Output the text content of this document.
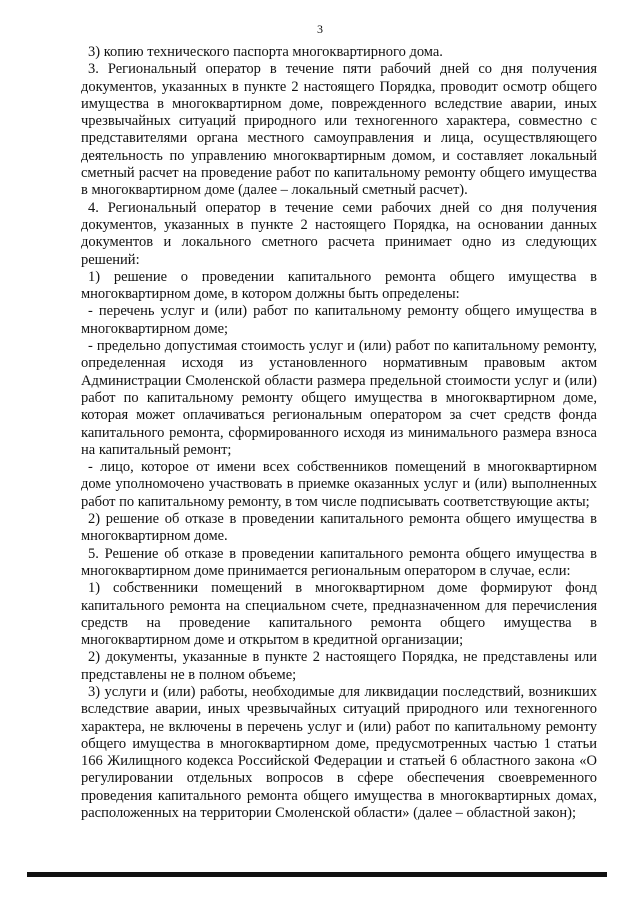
3

3) копию технического паспорта многоквартирного дома.

3. Региональный оператор в течение пяти рабочий дней со дня получения документов, указанных в пункте 2 настоящего Порядка, проводит осмотр общего имущества в многоквартирном доме, поврежденного вследствие аварии, иных чрезвычайных ситуаций природного или техногенного характера, совместно с представителями органа местного самоуправления и лица, осуществляющего деятельность по управлению многоквартирным домом, и составляет локальный сметный расчет на проведение работ по капитальному ремонту общего имущества в многоквартирном доме (далее – локальный сметный расчет).

4. Региональный оператор в течение семи рабочих дней со дня получения документов, указанных в пункте 2 настоящего Порядка, на основании данных документов и локального сметного расчета принимает одно из следующих решений:

1) решение о проведении капитального ремонта общего имущества в многоквартирном доме, в котором должны быть определены:

- перечень услуг и (или) работ по капитальному ремонту общего имущества в многоквартирном доме;

- предельно допустимая стоимость услуг и (или) работ по капитальному ремонту, определенная исходя из установленного нормативным правовым актом Администрации Смоленской области размера предельной стоимости услуг и (или) работ по капитальному ремонту общего имущества в многоквартирном доме, которая может оплачиваться региональным оператором за счет средств фонда капитального ремонта, сформированного исходя из минимального размера взноса на капитальный ремонт;

- лицо, которое от имени всех собственников помещений в многоквартирном доме уполномочено участвовать в приемке оказанных услуг и (или) выполненных работ по капитальному ремонту, в том числе подписывать соответствующие акты;

2) решение об отказе в проведении капитального ремонта общего имущества в многоквартирном доме.

5. Решение об отказе в проведении капитального ремонта общего имущества в многоквартирном доме принимается региональным оператором в случае, если:

1) собственники помещений в многоквартирном доме формируют фонд капитального ремонта на специальном счете, предназначенном для перечисления средств на проведение капитального ремонта общего имущества в многоквартирном доме и открытом в кредитной организации;

2) документы, указанные в пункте 2 настоящего Порядка, не представлены или представлены не в полном объеме;

3) услуги и (или) работы, необходимые для ликвидации последствий, возникших вследствие аварии, иных чрезвычайных ситуаций природного или техногенного характера, не включены в перечень услуг и (или) работ по капитальному ремонту общего имущества в многоквартирном доме, предусмотренных частью 1 статьи 166 Жилищного кодекса Российской Федерации и статьей 6 областного закона «О регулировании отдельных вопросов в сфере обеспечения своевременного проведения капитального ремонта общего имущества в многоквартирных домах, расположенных на территории Смоленской области» (далее – областной закон);
